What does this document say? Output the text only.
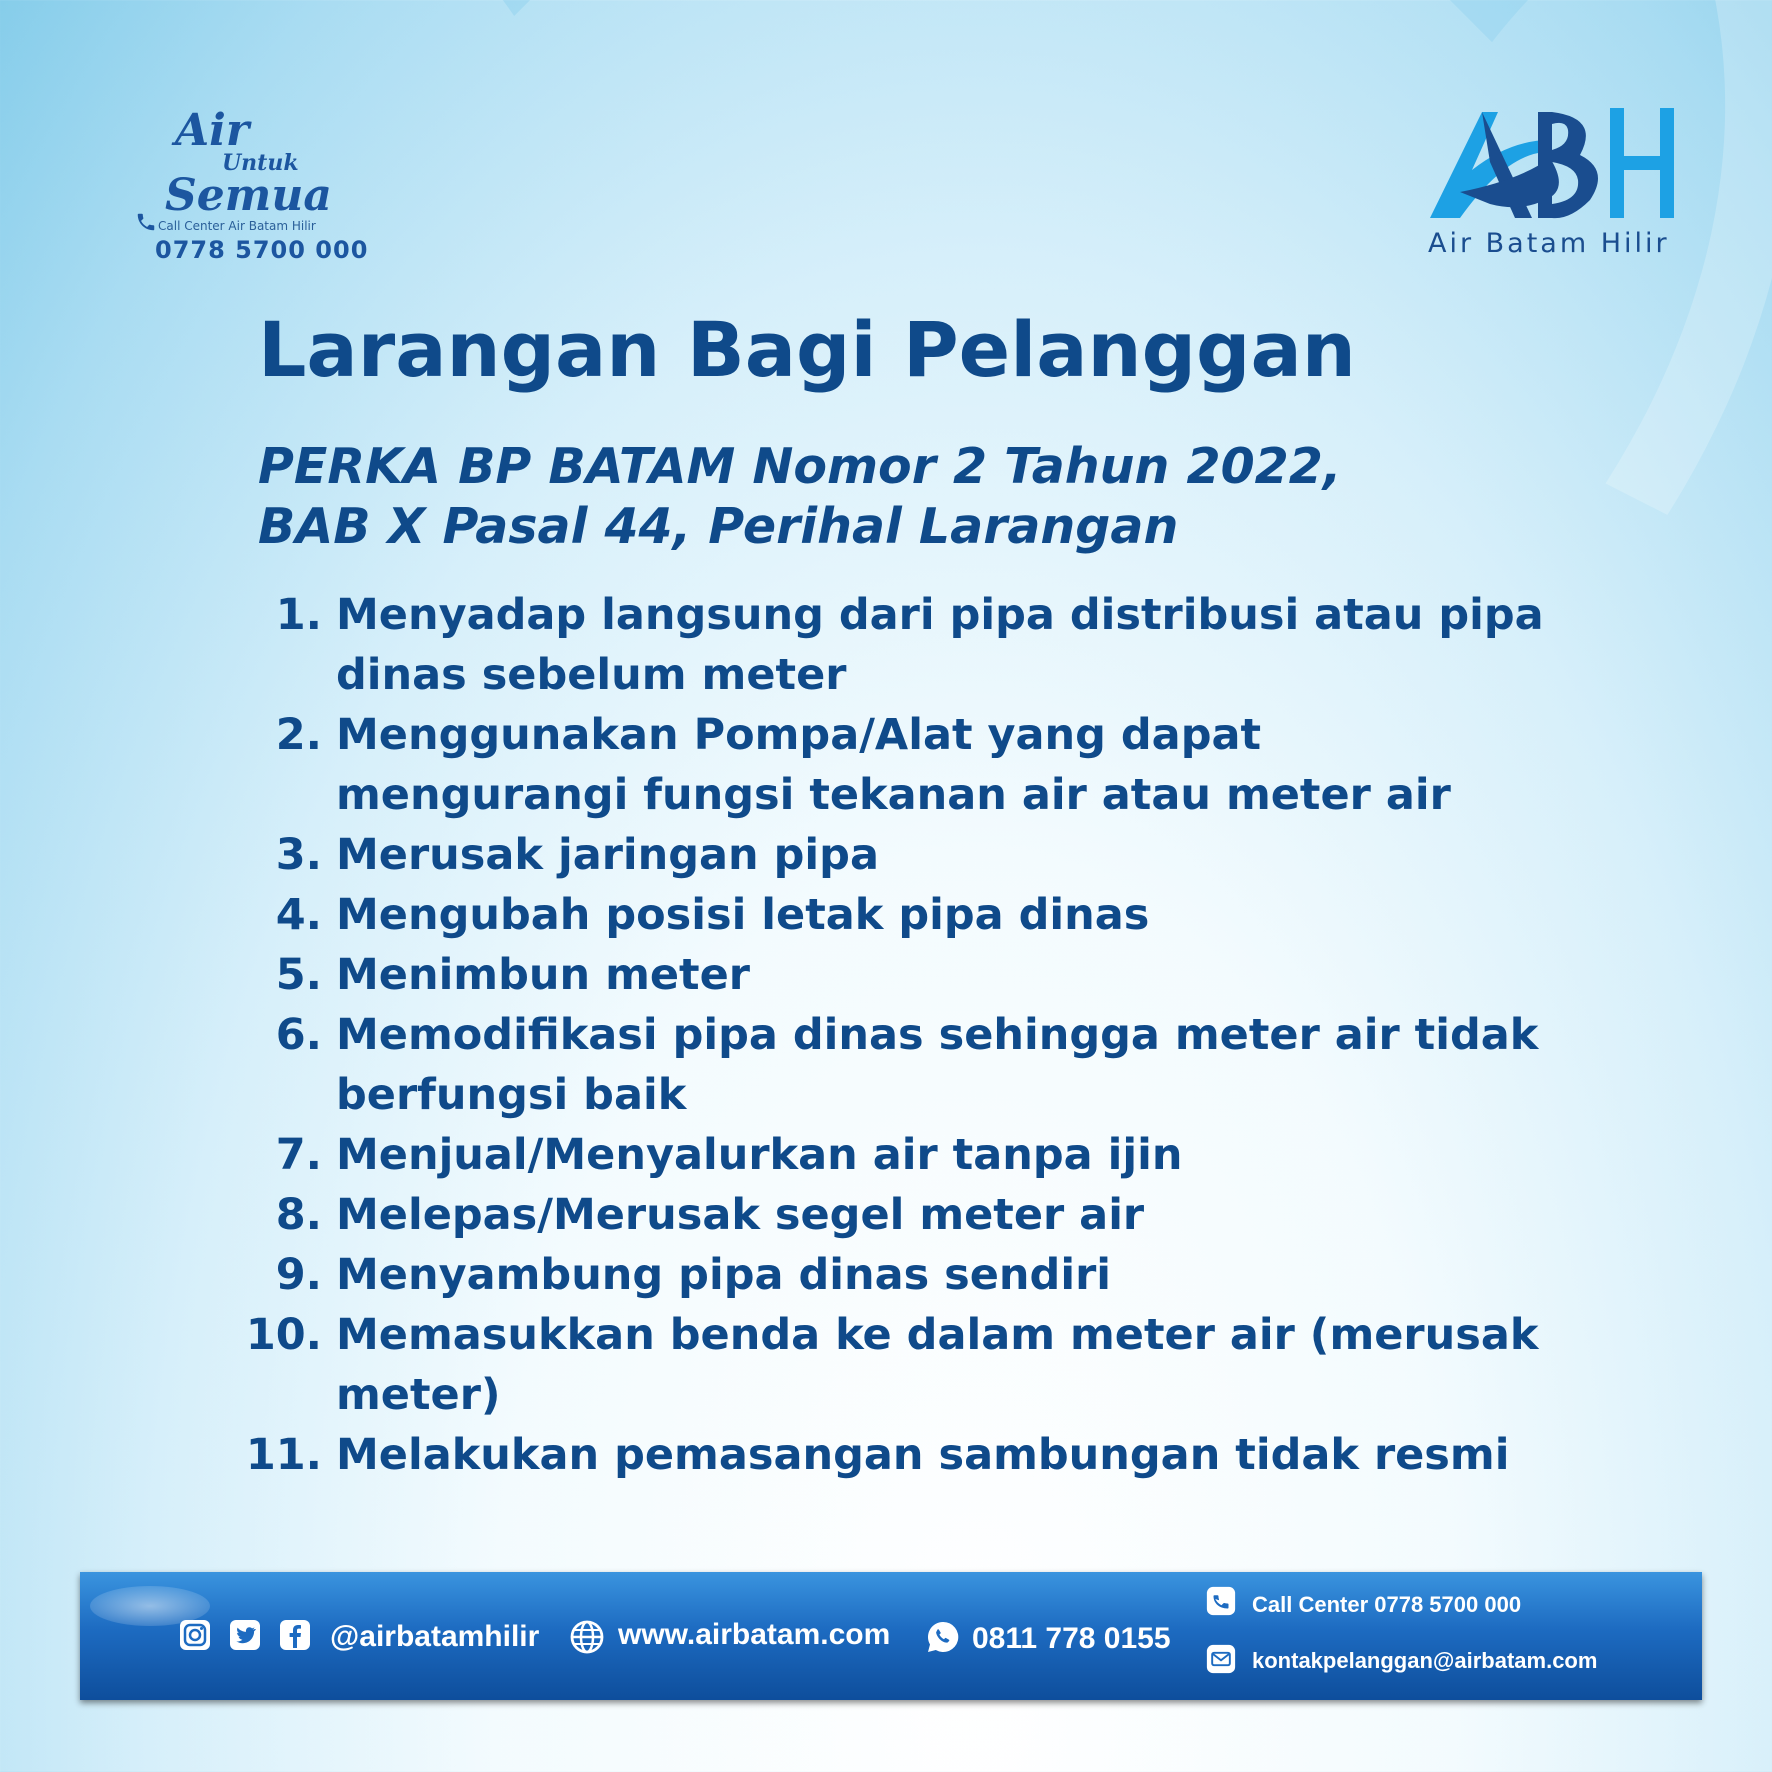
Air
Untuk
Semua
Call Center Air Batam Hilir
0778 5700 000	Air Batam Hilir
Larangan Bagi Pelanggan
PERKA BP BATAM Nomor 2 Tahun 2022,
BAB X Pasal 44, Perihal Larangan
1. Menyadap langsung dari pipa distribusi atau pipa dinas sebelum meter
2. Menggunakan Pompa/Alat yang dapat mengurangi fungsi tekanan air atau meter air
3. Merusak jaringan pipa
4. Mengubah posisi letak pipa dinas
5. Menimbun meter
6. Memodifikasi pipa dinas sehingga meter air tidak berfungsi baik
7. Menjual/Menyalurkan air tanpa ijin
8. Melepas/Merusak segel meter air
9. Menyambung pipa dinas sendiri
10. Memasukkan benda ke dalam meter air (merusak meter)
11. Melakukan pemasangan sambungan tidak resmi
@airbatamhilir	www.airbatam.com	0811 778 0155
Call Center 0778 5700 000
kontakpelanggan@airbatam.com
